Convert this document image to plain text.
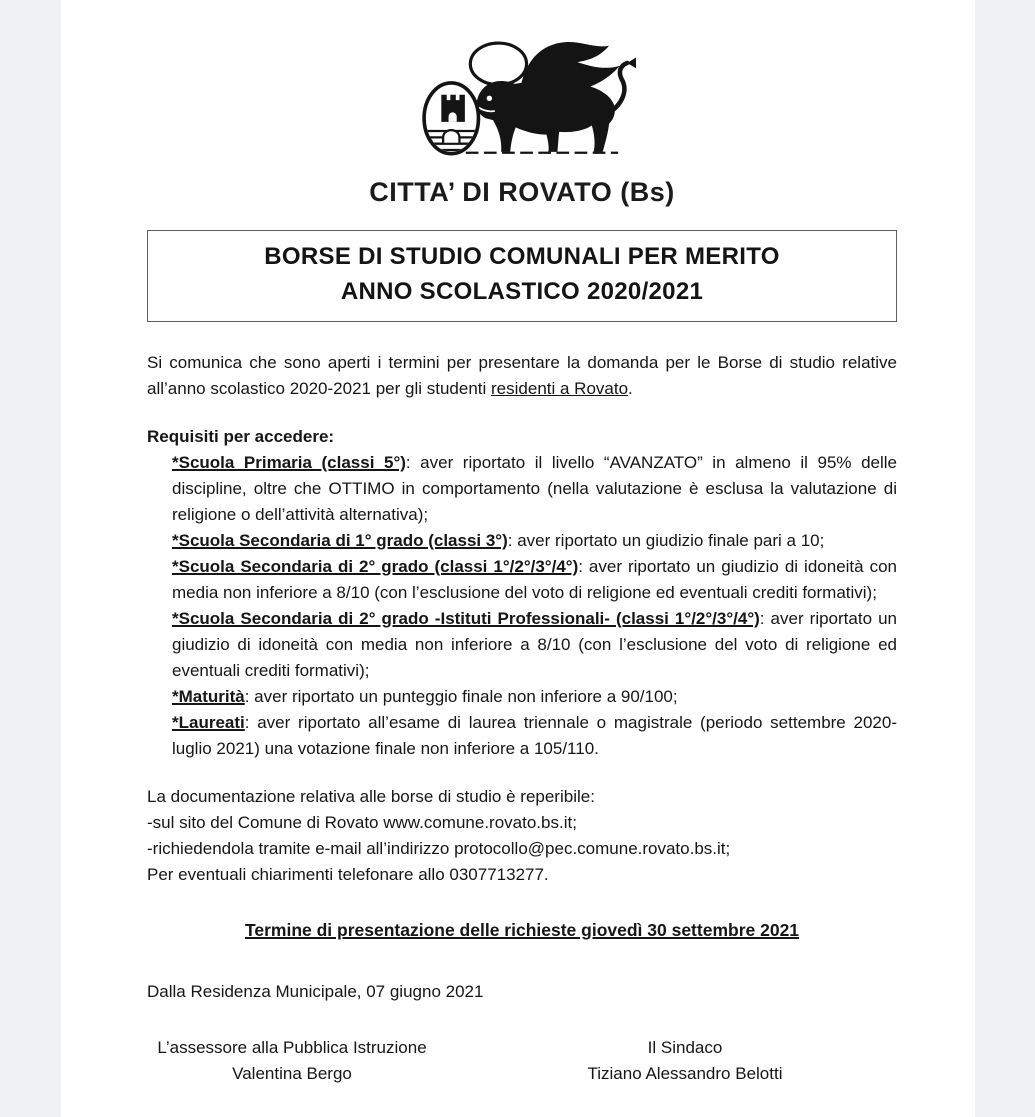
CITTA’ DI ROVATO (Bs)
BORSE DI STUDIO COMUNALI PER MERITO
ANNO SCOLASTICO 2020/2021

Si comunica che sono aperti i termini per presentare la domanda per le Borse di studio relative all’anno scolastico 2020-2021 per gli studenti residenti a Rovato.

Requisiti per accedere:
*Scuola Primaria (classi 5°): aver riportato il livello “AVANZATO” in almeno il 95% delle discipline, oltre che OTTIMO in comportamento (nella valutazione è esclusa la valutazione di religione o dell’attività alternativa);
*Scuola Secondaria di 1° grado (classi 3°): aver riportato un giudizio finale pari a 10;
*Scuola Secondaria di 2° grado (classi 1°/2°/3°/4°): aver riportato un giudizio di idoneità con media non inferiore a 8/10 (con l’esclusione del voto di religione ed eventuali crediti formativi);
*Scuola Secondaria di 2° grado -Istituti Professionali- (classi 1°/2°/3°/4°): aver riportato un giudizio di idoneità con media non inferiore a 8/10 (con l’esclusione del voto di religione ed eventuali crediti formativi);
*Maturità: aver riportato un punteggio finale non inferiore a 90/100;
*Laureati: aver riportato all’esame di laurea triennale o magistrale (periodo settembre 2020-luglio 2021) una votazione finale non inferiore a 105/110.
La documentazione relativa alle borse di studio è reperibile:
-sul sito del Comune di Rovato www.comune.rovato.bs.it;
-richiedendola tramite e-mail all’indirizzo protocollo@pec.comune.rovato.bs.it;
Per eventuali chiarimenti telefonare allo 0307713277.
Termine di presentazione delle richieste giovedì 30 settembre 2021
Dalla Residenza Municipale, 07 giugno 2021
L’assessore alla Pubblica Istruzione
Valentina Bergo
Il Sindaco
Tiziano Alessandro Belotti
